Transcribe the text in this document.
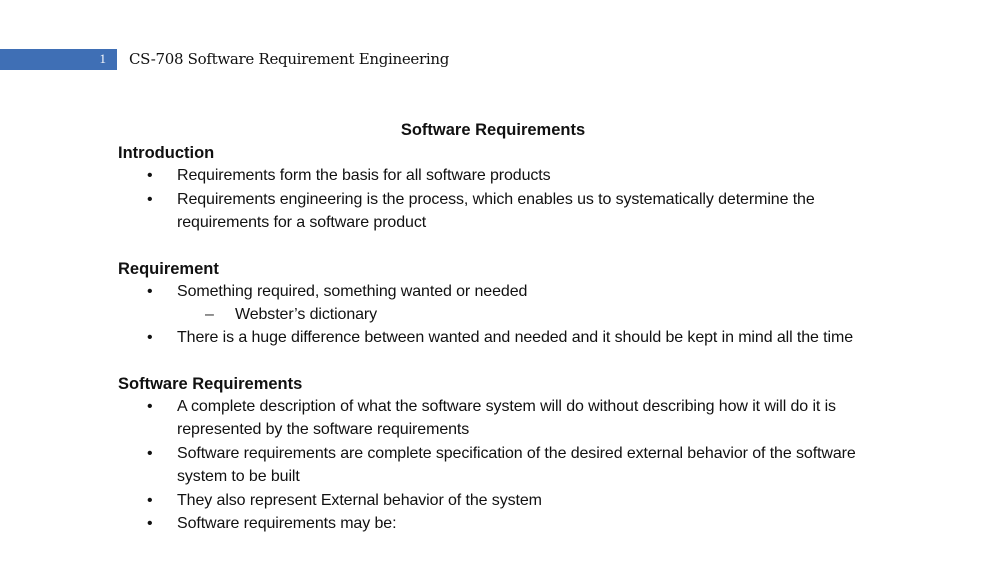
1 CS-708 Software Requirement Engineering
Software Requirements
Introduction
• Requirements form the basis for all software products
• Requirements engineering is the process, which enables us to systematically determine the requirements for a software product
Requirement
• Something required, something wanted or needed
– Webster’s dictionary
• There is a huge difference between wanted and needed and it should be kept in mind all the time
Software Requirements
• A complete description of what the software system will do without describing how it will do it is represented by the software requirements
• Software requirements are complete specification of the desired external behavior of the software system to be built
• They also represent External behavior of the system
• Software requirements may be:
